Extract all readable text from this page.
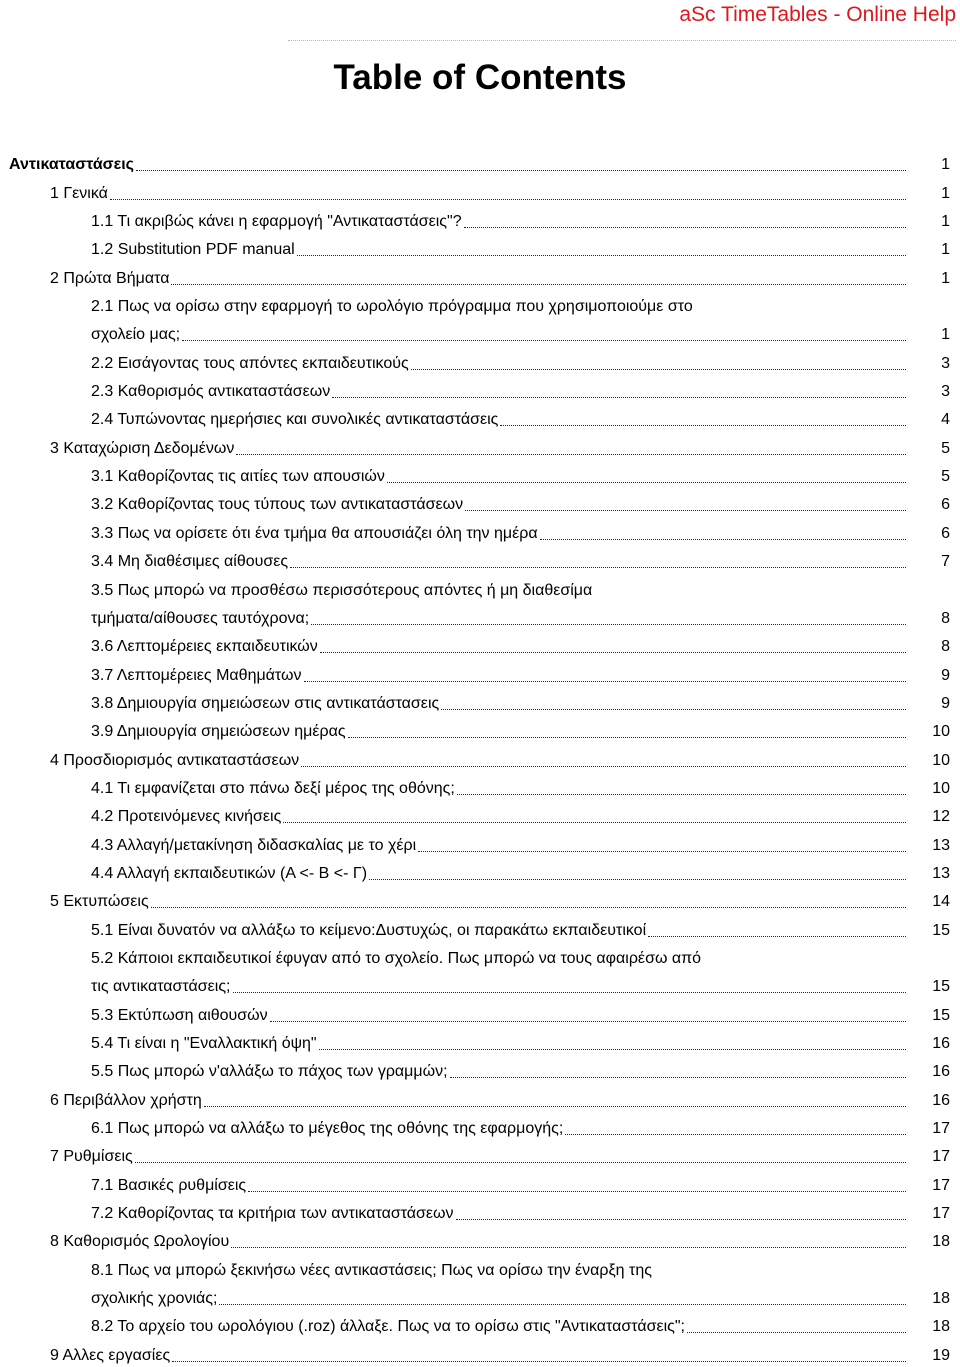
aSc TimeTables - Online Help
Table of Contents
Αντικαταστάσεις	1
1 Γενικά	1
1.1 Τι ακριβώς κάνει η εφαρμογή "Αντικαταστάσεις"?	1
1.2 Substitution PDF manual	1
2 Πρώτα Βήματα	1
2.1 Πως να ορίσω στην εφαρμογή το ωρολόγιο πρόγραμμα που χρησιμοποιούμε στο
σχολείο μας;	1
2.2 Εισάγοντας τους απόντες εκπαιδευτικούς	3
2.3 Καθορισμός αντικαταστάσεων	3
2.4 Τυπώνοντας ημερήσιες και συνολικές αντικαταστάσεις	4
3 Καταχώριση Δεδομένων	5
3.1 Καθορίζοντας τις αιτίες των απουσιών	5
3.2 Καθορίζοντας τους τύπους των αντικαταστάσεων	6
3.3 Πως να ορίσετε ότι ένα τμήμα θα απουσιάζει όλη την ημέρα	6
3.4 Μη διαθέσιμες αίθουσες	7
3.5 Πως μπορώ να προσθέσω περισσότερους απόντες ή μη διαθεσίμα
τμήματα/αίθουσες ταυτόχρονα;	8
3.6 Λεπτομέρειες εκπαιδευτικών	8
3.7 Λεπτομέρειες Μαθημάτων	9
3.8 Δημιουργία σημειώσεων στις αντικατάστασεις	9
3.9 Δημιουργία σημειώσεων ημέρας	10
4 Προσδιορισμός αντικαταστάσεων	10
4.1 Τι εμφανίζεται στο πάνω δεξί μέρος της οθόνης;	10
4.2 Προτεινόμενες κινήσεις	12
4.3 Αλλαγή/μετακίνηση διδασκαλίας με το χέρι	13
4.4 Αλλαγή εκπαιδευτικών (A <- B <- Γ)	13
5 Εκτυπώσεις	14
5.1 Είναι δυνατόν να αλλάξω το κείμενο:Δυστυχώς, οι παρακάτω εκπαιδευτικοί	15
5.2 Κάποιοι εκπαιδευτικοί έφυγαν από το σχολείο. Πως μπορώ να τους αφαιρέσω από
τις αντικαταστάσεις;	15
5.3 Εκτύπωση αιθουσών	15
5.4 Τι είναι η "Εναλλακτική όψη"	16
5.5 Πως μπορώ ν'αλλάξω το πάχος των γραμμών;	16
6 Περιβάλλον χρήστη	16
6.1 Πως μπορώ να αλλάξω το μέγεθος της οθόνης της εφαρμογής;	17
7 Ρυθμίσεις	17
7.1 Βασικές ρυθμίσεις	17
7.2 Καθορίζοντας τα κριτήρια των αντικαταστάσεων	17
8 Καθορισμός Ωρολογίου	18
8.1 Πως να μπορώ ξεκινήσω νέες αντικαστάσεις; Πως να ορίσω την έναρξη της
σχολικής χρονιάς;	18
8.2 Το αρχείο του ωρολόγιου (.roz) άλλαξε. Πως να το ορίσω στις "Αντικαταστάσεις";	18
9 Αλλες εργασίες	19
